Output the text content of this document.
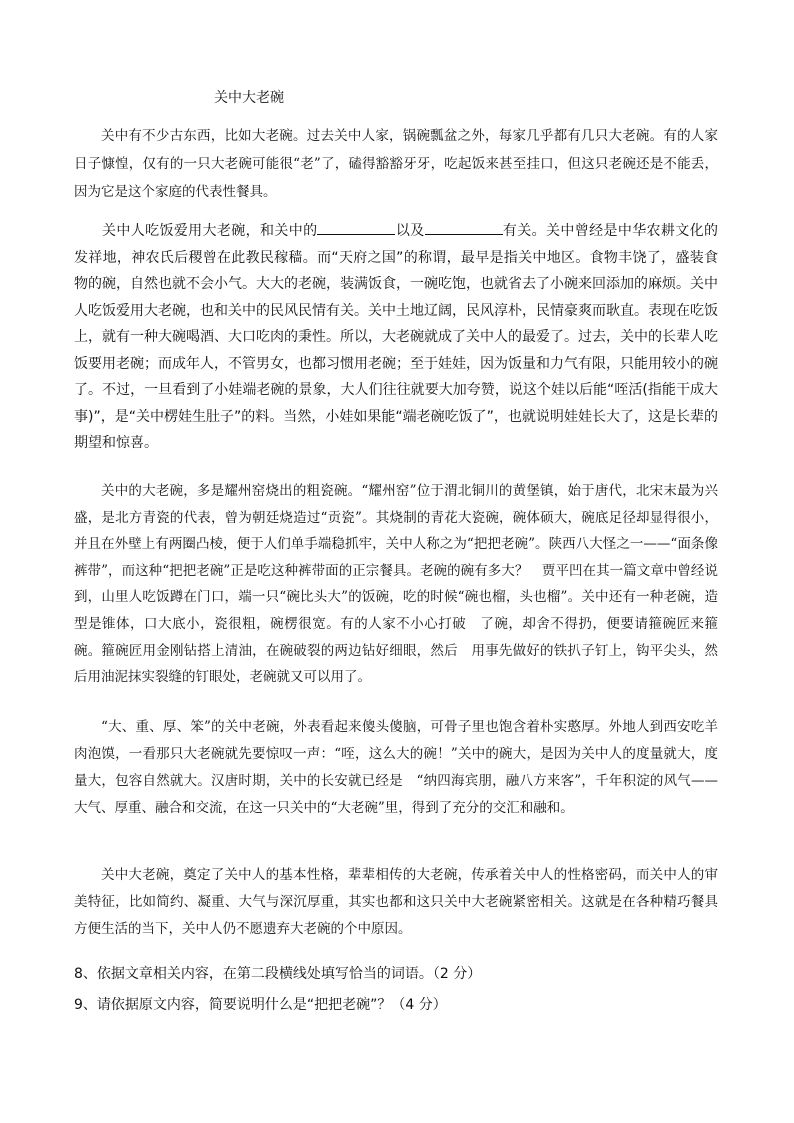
关中大老碗
关中有不少古东西，比如大老碗。过去关中人家，锅碗瓢盆之外，每家几乎都有几只大老碗。有的人家日子慷惶，仅有的一只大老碗可能很“老”了，磕得豁豁牙牙，吃起饭来甚至挂口，但这只老碗还是不能丢，因为它是这个家庭的代表性餐具。
关中人吃饭爱用大老碗，和关中的	以及	有关。关中曾经是中华农耕文化的发祥地，神农氏后稷曾在此教民稼穑。而“天府之国”的称谓，最早是指关中地区。食物丰饶了，盛装食物的碗，自然也就不会小气。大大的老碗，装满饭食，一碗吃饱，也就省去了小碗来回添加的麻烦。关中人吃饭爱用大老碗，也和关中的民风民情有关。关中土地辽阔，民风淳朴，民情豪爽而耿直。表现在吃饭上，就有一种大碗喝酒、大口吃肉的秉性。所以，大老碗就成了关中人的最爱了。过去，关中的长辈人吃饭要用老碗；而成年人，不管男女，也都习惯用老碗；至于娃娃，因为饭量和力气有限，只能用较小的碗了。不过，一旦看到了小娃端老碗的景象，大人们往往就要大加夸赞，说这个娃以后能“咥活(指能干成大事)”，是“关中楞娃生肚子”的料。当然，小娃如果能“端老碗吃饭了”，也就说明娃娃长大了，这是长辈的期望和惊喜。
关中的大老碗，多是耀州窑烧出的粗瓷碗。“耀州窑”位于渭北铜川的黄堡镇，始于唐代，北宋末最为兴盛，是北方青瓷的代表，曾为朝廷烧造过“贡瓷”。其烧制的青花大瓷碗，碗体硕大，碗底足径却显得很小，并且在外壁上有两圈凸棱，便于人们单手端稳抓牢，关中人称之为“把把老碗”。陕西八大怪之一——“面条像裤带”，而这种“把把老碗”正是吃这种裤带面的正宗餐具。老碗的碗有多大？　贾平凹在其一篇文章中曾经说到，山里人吃饭蹲在门口，端一只“碗比头大”的饭碗，吃的时候“碗也榴，头也榴”。关中还有一种老碗，造型是锥体，口大底小，瓷很粗，碗楞很宽。有的人家不小心打破　了碗，却舍不得扔，便要请箍碗匠来箍碗。箍碗匠用金刚钻搭上清油，在碗破裂的两边钻好细眼，然后　用事先做好的铁扒子钉上，钩平尖头，然后用油泥抹实裂缝的钉眼处，老碗就又可以用了。
“大、重、厚、笨”的关中老碗，外表看起来傻头傻脑，可骨子里也饱含着朴实憨厚。外地人到西安吃羊肉泡馍，一看那只大老碗就先要惊叹一声：“咥，这么大的碗！”关中的碗大，是因为关中人的度量就大，度量大，包容自然就大。汉唐时期，关中的长安就已经是　“纳四海宾朋，融八方来客”，千年积淀的风气——大气、厚重、融合和交流，在这一只关中的“大老碗”里，得到了充分的交汇和融和。
关中大老碗，奠定了关中人的基本性格，辈辈相传的大老碗，传承着关中人的性格密码，而关中人的审美特征，比如简约、凝重、大气与深沉厚重，其实也都和这只关中大老碗紧密相关。这就是在各种精巧餐具方便生活的当下，关中人仍不愿遗弃大老碗的个中原因。
8、依据文章相关内容，在第二段横线处填写恰当的词语。（2 分）
9、请依据原文内容，简要说明什么是“把把老碗”？（4 分）
